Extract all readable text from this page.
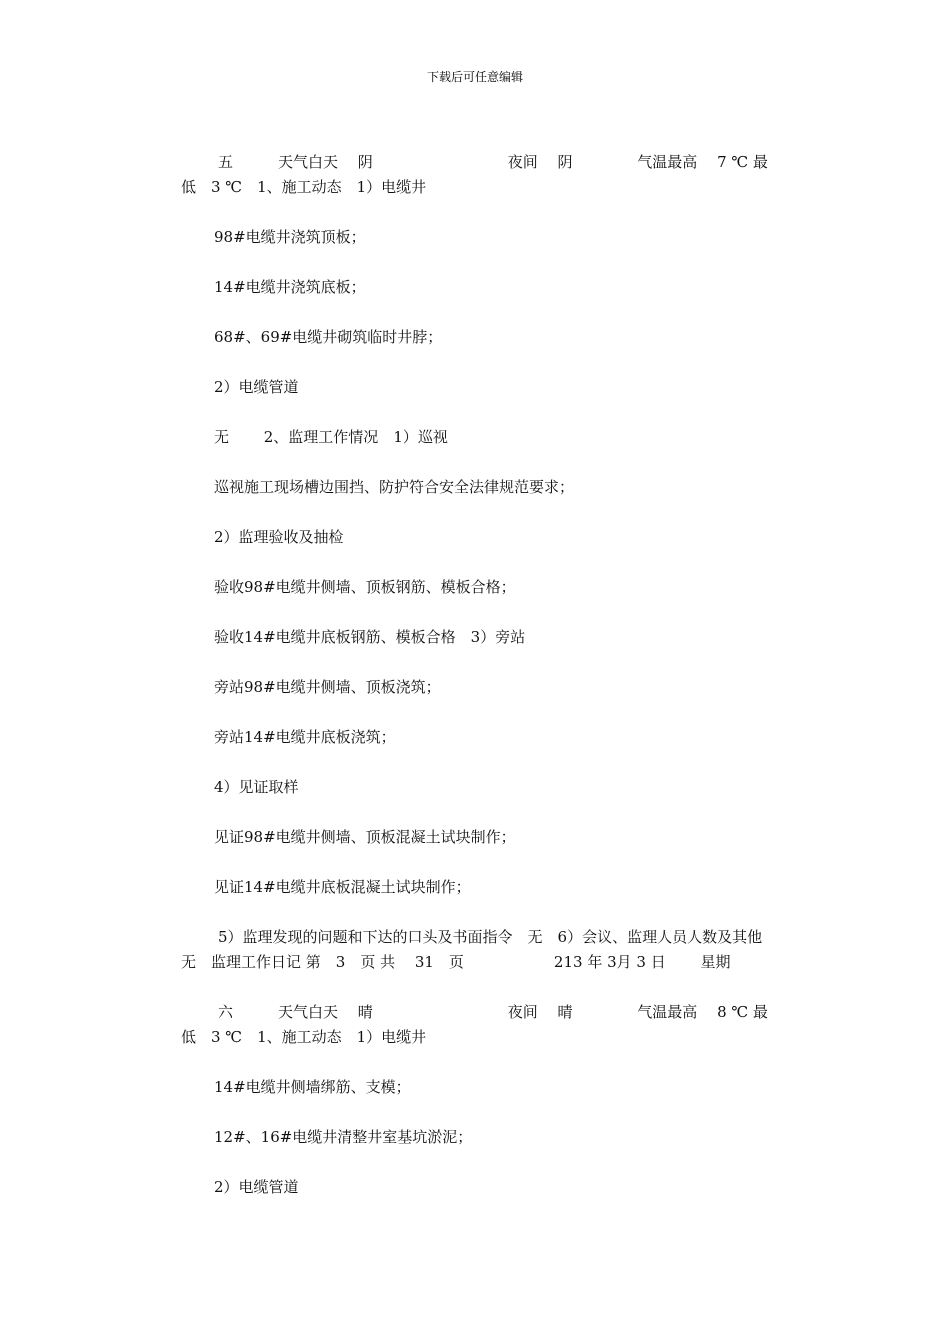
下载后可任意编辑

五　　　天气白天　 阴　　　　　　　　　夜间　 阴　　　　 气温最高　 7 ℃ 最低　3 ℃　1、施工动态　1）电缆井

98#电缆井浇筑顶板；

14#电缆井浇筑底板；

68#、69#电缆井砌筑临时井脖；

2）电缆管道

无　　 2、监理工作情况　1）巡视

巡视施工现场槽边围挡、防护符合安全法律规范要求；

2）监理验收及抽检

验收98#电缆井侧墙、顶板钢筋、模板合格；

验收14#电缆井底板钢筋、模板合格　3）旁站

旁站98#电缆井侧墙、顶板浇筑；

旁站14#电缆井底板浇筑；

4）见证取样

见证98#电缆井侧墙、顶板混凝土试块制作；

见证14#电缆井底板混凝土试块制作；

5）监理发现的问题和下达的口头及书面指令　无　6）会议、监理人员人数及其他 无　监理工作日记 第　3　页 共　 31　页　　　　　　213 年 3月 3 日　　 星期

六　　　天气白天　 晴　　　　　　　　　夜间　 晴　　　　 气温最高　 8 ℃ 最低　3 ℃　1、施工动态　1）电缆井

14#电缆井侧墙绑筋、支模；

12#、16#电缆井清整井室基坑淤泥；

2）电缆管道
